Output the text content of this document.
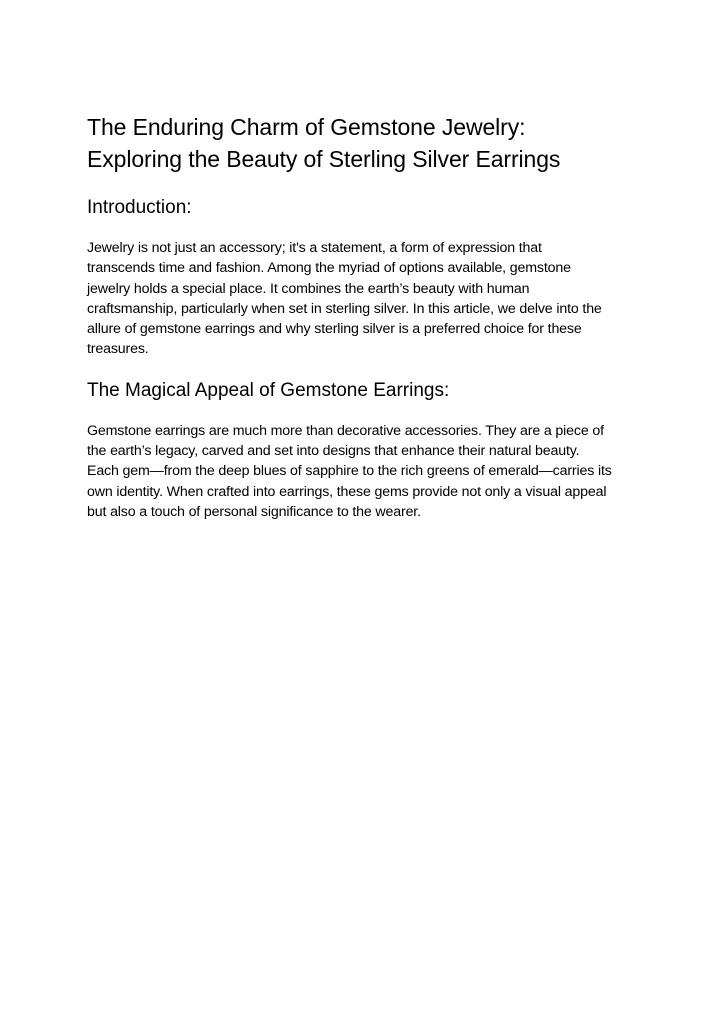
The Enduring Charm of Gemstone Jewelry:
Exploring the Beauty of Sterling Silver Earrings
Introduction:

Jewelry is not just an accessory; it's a statement, a form of expression that
transcends time and fashion. Among the myriad of options available, gemstone
jewelry holds a special place. It combines the earth’s beauty with human
craftsmanship, particularly when set in sterling silver. In this article, we delve into the
allure of gemstone earrings and why sterling silver is a preferred choice for these
treasures.

The Magical Appeal of Gemstone Earrings:

Gemstone earrings are much more than decorative accessories. They are a piece of
the earth’s legacy, carved and set into designs that enhance their natural beauty.
Each gem—from the deep blues of sapphire to the rich greens of emerald—carries its
own identity. When crafted into earrings, these gems provide not only a visual appeal
but also a touch of personal significance to the wearer.
